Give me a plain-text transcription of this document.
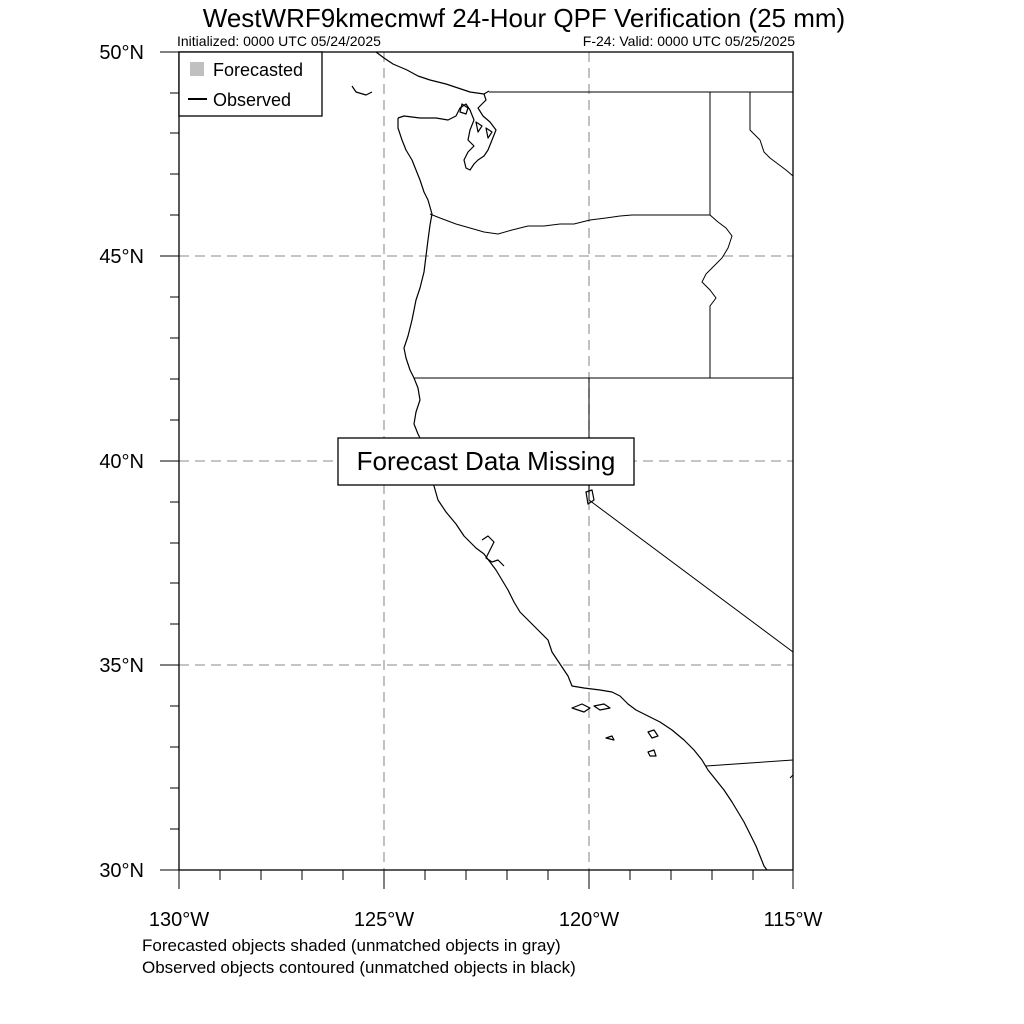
WestWRF9kmecmwf 24-Hour QPF Verification (25 mm)
Initialized: 0000 UTC 05/24/2025	F-24: Valid: 0000 UTC 05/25/2025
Forecasted
Observed
Forecast Data Missing
50°N
45°N
40°N
35°N
30°N
130°W	125°W	120°W	115°W
Forecasted objects shaded (unmatched objects in gray)
Observed objects contoured (unmatched objects in black)
